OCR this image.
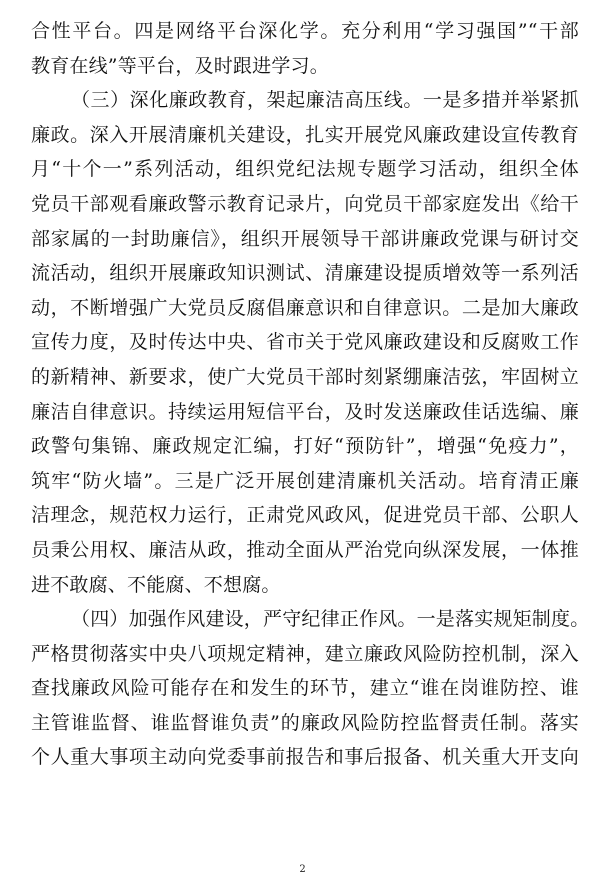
合性平台。四是网络平台深化学。充分利用“学习强国”“干部
教育在线”等平台，及时跟进学习。
（三）深化廉政教育，架起廉洁高压线。一是多措并举紧抓
廉政。深入开展清廉机关建设，扎实开展党风廉政建设宣传教育
月“十个一”系列活动，组织党纪法规专题学习活动，组织全体
党员干部观看廉政警示教育记录片，向党员干部家庭发出《给干
部家属的一封助廉信》，组织开展领导干部讲廉政党课与研讨交
流活动，组织开展廉政知识测试、清廉建设提质增效等一系列活
动，不断增强广大党员反腐倡廉意识和自律意识。二是加大廉政
宣传力度，及时传达中央、省市关于党风廉政建设和反腐败工作
的新精神、新要求，使广大党员干部时刻紧绷廉洁弦，牢固树立
廉洁自律意识。持续运用短信平台，及时发送廉政佳话选编、廉
政警句集锦、廉政规定汇编，打好“预防针”，增强“免疫力”，
筑牢“防火墙”。三是广泛开展创建清廉机关活动。培育清正廉
洁理念，规范权力运行，正肃党风政风，促进党员干部、公职人
员秉公用权、廉洁从政，推动全面从严治党向纵深发展，一体推
进不敢腐、不能腐、不想腐。
（四）加强作风建设，严守纪律正作风。一是落实规矩制度。
严格贯彻落实中央八项规定精神，建立廉政风险防控机制，深入
查找廉政风险可能存在和发生的环节，建立“谁在岗谁防控、谁
主管谁监督、谁监督谁负责”的廉政风险防控监督责任制。落实
个人重大事项主动向党委事前报告和事后报备、机关重大开支向
2
